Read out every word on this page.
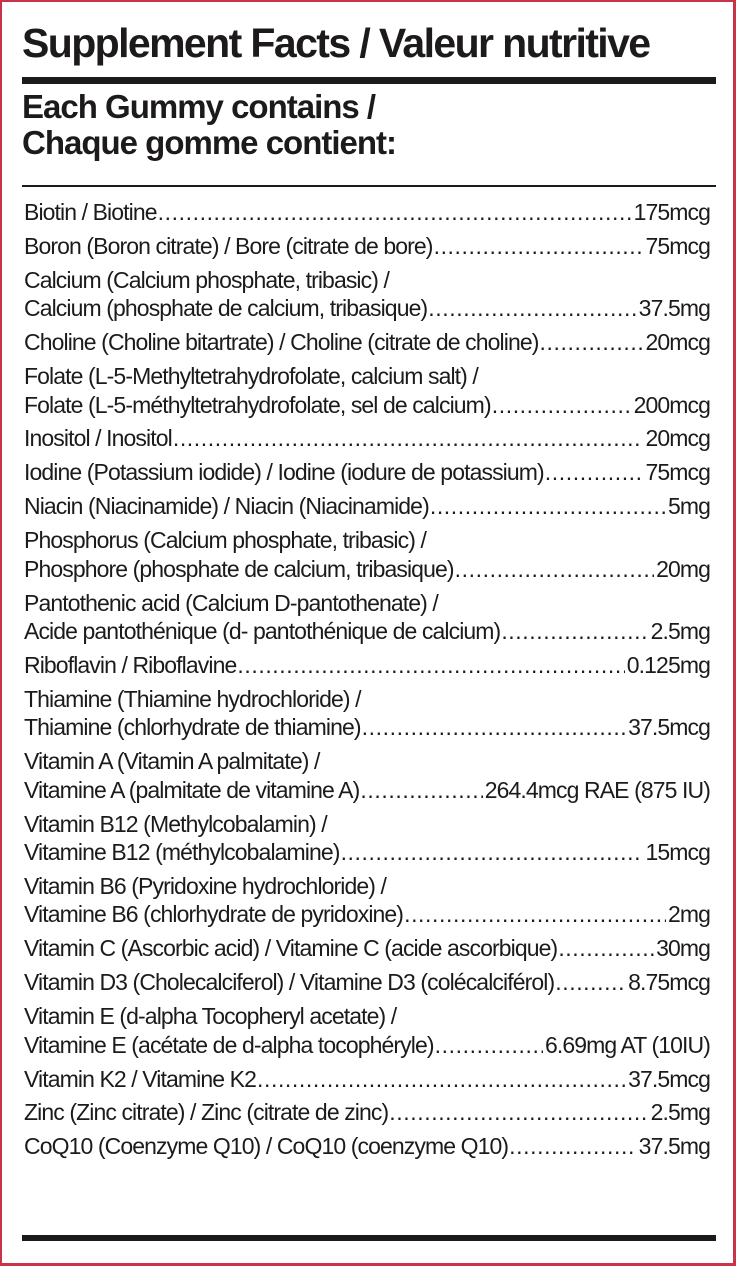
Supplement Facts / Valeur nutritive
Each Gummy contains /
Chaque gomme contient:
Biotin / Biotine .....	175mcg
Boron (Boron citrate) / Bore (citrate de bore) .....	75mcg
Calcium (Calcium phosphate, tribasic) /
Calcium (phosphate de calcium, tribasique) .....	37.5mg
Choline (Choline bitartrate) / Choline (citrate de choline) .....	20mcg
Folate (L-5-Methyltetrahydrofolate, calcium salt) /
Folate (L-5-méthyltetrahydrofolate, sel de calcium) .....	200mcg
Inositol / Inositol .....	20mcg
Iodine (Potassium iodide) / Iodine (iodure de potassium) .....	75mcg
Niacin (Niacinamide) / Niacin (Niacinamide) .....	5mg
Phosphorus (Calcium phosphate, tribasic) /
Phosphore (phosphate de calcium, tribasique) .....	20mg
Pantothenic acid (Calcium D-pantothenate) /
Acide pantothénique (d- pantothénique de calcium) .....	2.5mg
Riboflavin / Riboflavine .....	0.125mg
Thiamine (Thiamine hydrochloride) /
Thiamine (chlorhydrate de thiamine) .....	37.5mcg
Vitamin A (Vitamin A palmitate) /
Vitamine A (palmitate de vitamine A) .....	264.4mcg RAE (875 IU)
Vitamin B12 (Methylcobalamin) /
Vitamine B12 (méthylcobalamine) .....	15mcg
Vitamin B6 (Pyridoxine hydrochloride) /
Vitamine B6 (chlorhydrate de pyridoxine) .....	2mg
Vitamin C (Ascorbic acid) / Vitamine C (acide ascorbique) .....	30mg
Vitamin D3 (Cholecalciferol) / Vitamine D3 (colécalciférol) .....	8.75mcg
Vitamin E (d-alpha Tocopheryl acetate) /
Vitamine E (acétate de d-alpha tocophéryle) .....	6.69mg AT (10IU)
Vitamin K2 / Vitamine K2 .....	37.5mcg
Zinc (Zinc citrate) / Zinc (citrate de zinc) .....	2.5mg
CoQ10 (Coenzyme Q10) / CoQ10 (coenzyme Q10) .....	37.5mg
